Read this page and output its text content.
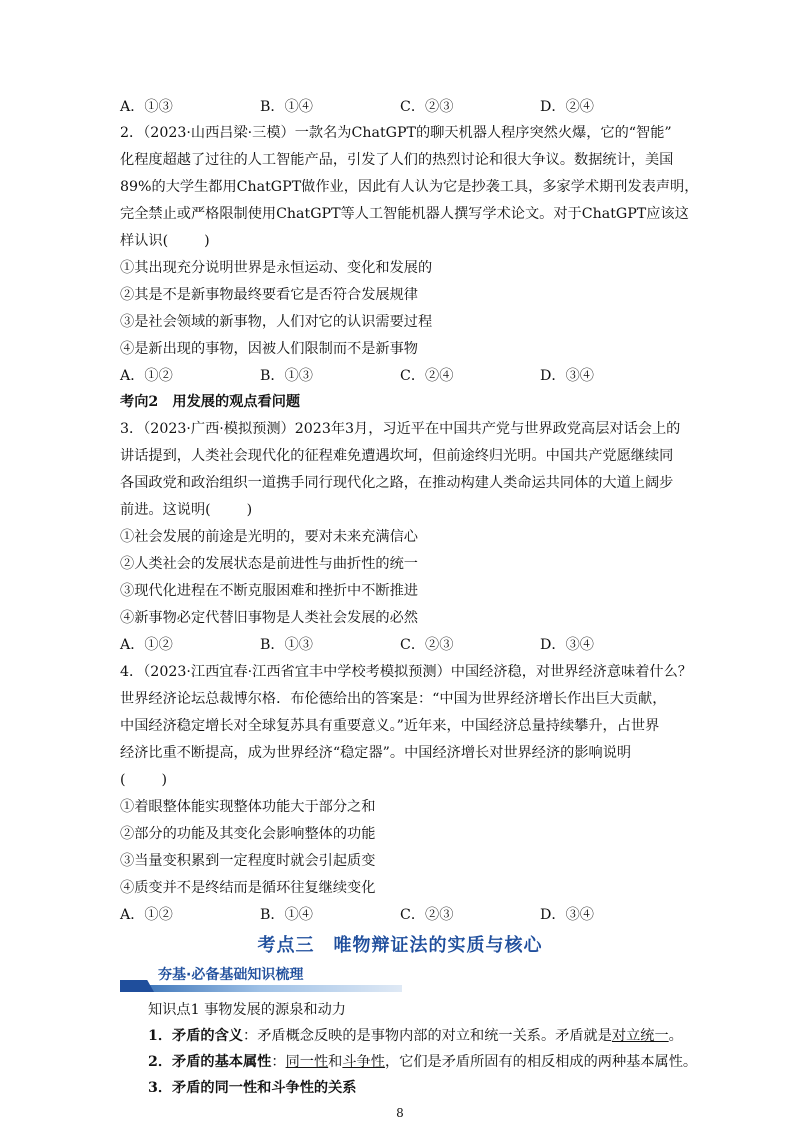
A．①③	B．①④	C．②③	D．②④
2．（2023·山西吕梁·三模）一款名为ChatGPT的聊天机器人程序突然火爆，它的“智能”
化程度超越了过往的人工智能产品，引发了人们的热烈讨论和很大争议。数据统计，美国
89%的大学生都用ChatGPT做作业，因此有人认为它是抄袭工具，多家学术期刊发表声明，
完全禁止或严格限制使用ChatGPT等人工智能机器人撰写学术论文。对于ChatGPT应该这
样认识(	)
①其出现充分说明世界是永恒运动、变化和发展的
②其是不是新事物最终要看它是否符合发展规律
③是社会领域的新事物，人们对它的认识需要过程
④是新出现的事物，因被人们限制而不是新事物
A．①②	B．①③	C．②④	D．③④
考向2　用发展的观点看问题
3．（2023·广西·模拟预测）2023年3月，习近平在中国共产党与世界政党高层对话会上的
讲话提到，人类社会现代化的征程难免遭遇坎坷，但前途终归光明。中国共产党愿继续同
各国政党和政治组织一道携手同行现代化之路，在推动构建人类命运共同体的大道上阔步
前进。这说明(	)
①社会发展的前途是光明的，要对未来充满信心
②人类社会的发展状态是前进性与曲折性的统一
③现代化进程在不断克服困难和挫折中不断推进
④新事物必定代替旧事物是人类社会发展的必然
A．①②	B．①③	C．②③	D．③④
4．（2023·江西宜春·江西省宜丰中学校考模拟预测）中国经济稳，对世界经济意味着什么？
世界经济论坛总裁博尔格．布伦德给出的答案是：“中国为世界经济增长作出巨大贡献，
中国经济稳定增长对全球复苏具有重要意义。”近年来，中国经济总量持续攀升，占世界
经济比重不断提高，成为世界经济“稳定器”。中国经济增长对世界经济的影响说明
(	)
①着眼整体能实现整体功能大于部分之和
②部分的功能及其变化会影响整体的功能
③当量变积累到一定程度时就会引起质变
④质变并不是终结而是循环往复继续变化
A．①②	B．①④	C．②③	D．③④
考点三　唯物辩证法的实质与核心
夯基·必备基础知识梳理
知识点1 事物发展的源泉和动力
1．矛盾的含义：矛盾概念反映的是事物内部的对立和统一关系。矛盾就是对立统一。
2．矛盾的基本属性：同一性和斗争性，它们是矛盾所固有的相反相成的两种基本属性。
3．矛盾的同一性和斗争性的关系
8
